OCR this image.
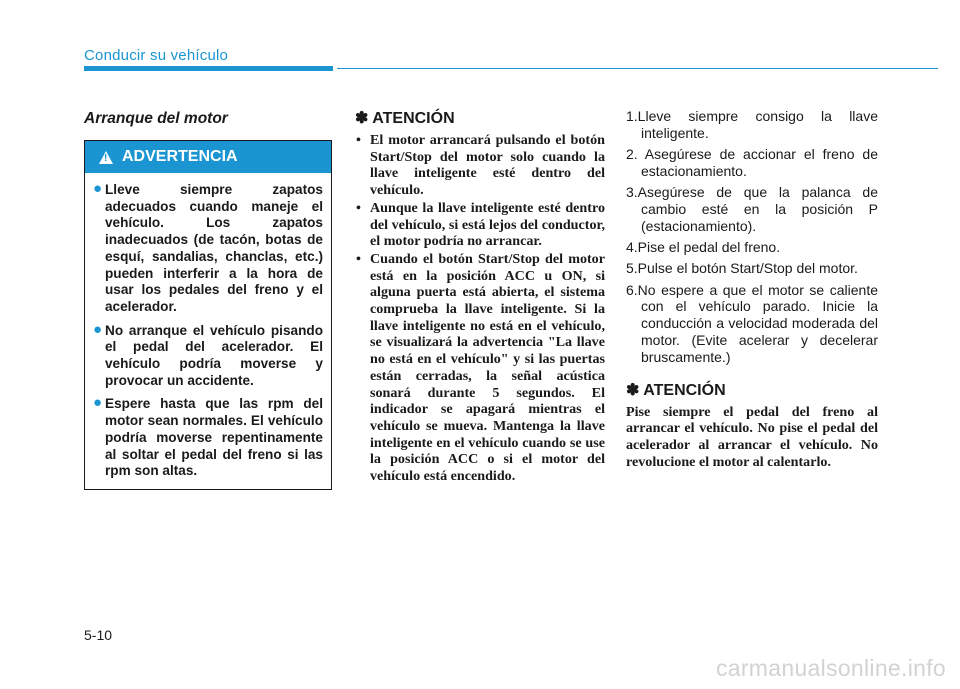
Conducir su vehículo
Arranque del motor
!
ADVERTENCIA
● Lleve siempre zapatos adecuados cuando maneje el vehículo. Los zapatos inadecuados (de tacón, botas de esquí, sandalias, chanclas, etc.) pueden interferir a la hora de usar los pedales del freno y el acelerador.
● No arranque el vehículo pisando el pedal del acelerador. El vehículo podría moverse y provocar un accidente.
● Espere hasta que las rpm del motor sean normales. El vehículo podría moverse repentinamente al soltar el pedal del freno si las rpm son altas.
✽ ATENCIÓN
• El motor arrancará pulsando el botón Start/Stop del motor solo cuando la llave inteligente esté dentro del vehículo.
• Aunque la llave inteligente esté dentro del vehículo, si está lejos del conductor, el motor podría no arrancar.
• Cuando el botón Start/Stop del motor está en la posición ACC u ON, si alguna puerta está abierta, el sistema comprueba la llave inteligente. Si la llave inteligente no está en el vehículo, se visualizará la advertencia "La llave no está en el vehículo" y si las puertas están cerradas, la señal acústica sonará durante 5 segundos. El indicador se apagará mientras el vehículo se mueva. Mantenga la llave inteligente en el vehículo cuando se use la posición ACC o si el motor del vehículo está encendido.
1.Lleve siempre consigo la llave inteligente.
2. Asegúrese de accionar el freno de estacionamiento.
3.Asegúrese de que la palanca de cambio esté en la posición P (estacionamiento).
4.Pise el pedal del freno.
5.Pulse el botón Start/Stop del motor.
6.No espere a que el motor se caliente con el vehículo parado. Inicie la conducción a velocidad moderada del motor. (Evite acelerar y decelerar bruscamente.)
✽ ATENCIÓN

Pise siempre el pedal del freno al arrancar el vehículo. No pise el pedal del acelerador al arrancar el vehículo. No revolucione el motor al calentarlo.

5-10
carmanualsonline.info
